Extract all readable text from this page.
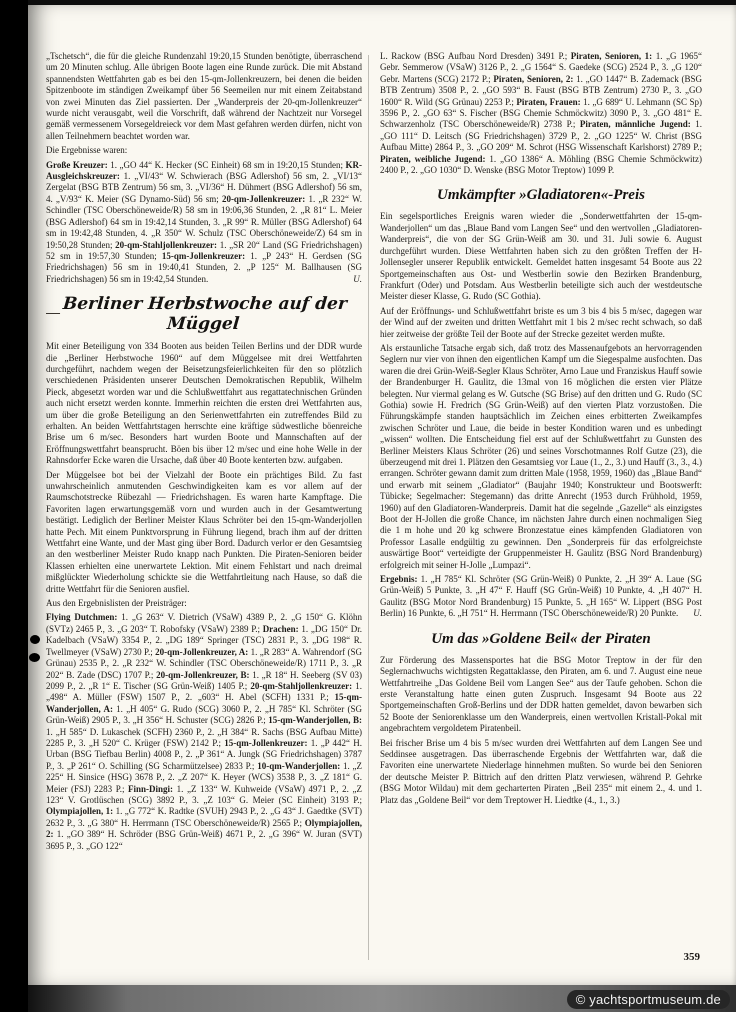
„Tschetsch“, die für die gleiche Rundenzahl 19:20,15 Stunden benötigte, überraschend um 20 Minuten schlug. Alle übrigen Boote lagen eine Runde zurück. Die mit Abstand spannendsten Wettfahrten gab es bei den 15-qm-Jollenkreuzern, bei denen die beiden Spitzenboote im ständigen Zweikampf über 56 Seemeilen nur mit einem Zeitabstand von zwei Minuten das Ziel passierten. Der „Wanderpreis der 20-qm-Jollenkreuzer“ wurde nicht verausgabt, weil die Vorschrift, daß während der Nachtzeit nur Vorsegel gemäß vermessenem Vorsegeldreieck vor dem Mast gefahren werden dürfen, nicht von allen Teilnehmern beachtet worden war.

Die Ergebnisse waren:

Große Kreuzer: 1. „GO 44“ K. Hecker (SC Einheit) 68 sm in 19:20,15 Stunden; KR-Ausgleichskreuzer: 1. „VI/43“ W. Schwierach (BSG Adlershof) 56 sm, 2. „VI/13“ Zergelat (BSG BTB Zentrum) 56 sm, 3. „VI/36“ H. Dühmert (BSG Adlershof) 56 sm, 4. „V/93“ K. Meier (SG Dynamo-Süd) 56 sm; 20-qm-Jollenkreuzer: 1. „R 232“ W. Schindler (TSC Oberschöneweide/R) 58 sm in 19:06,36 Stunden, 2. „R 81“ L. Meier (BSG Adlershof) 64 sm in 19:42,14 Stunden, 3. „R 99“ R. Müller (BSG Adlershof) 64 sm in 19:42,48 Stunden, 4. „R 350“ W. Schulz (TSC Oberschöneweide/Z) 64 sm in 19:50,28 Stunden; 20-qm-Stahljollenkreuzer: 1. „SR 20“ Land (SG Friedrichshagen) 52 sm in 19:57,30 Stunden; 15-qm-Jollenkreuzer: 1. „P 243“ H. Gerdsen (SG Friedrichshagen) 56 sm in 19:40,41 Stunden, 2. „P 125“ M. Ballhausen (SG Friedrichshagen) 56 sm in 19:42,54 Stunden.	U.

Berliner Herbstwoche auf der Müggel

Mit einer Beteiligung von 334 Booten aus beiden Teilen Berlins und der DDR wurde die „Berliner Herbstwoche 1960“ auf dem Müggelsee mit drei Wettfahrten durchgeführt, nachdem wegen der Beisetzungsfeierlichkeiten für den so plötzlich verschiedenen Präsidenten unserer Deutschen Demokratischen Republik, Wilhelm Pieck, abgesetzt worden war und die Schlußwettfahrt aus regattatechnischen Gründen auch nicht ersetzt werden konnte. Immerhin reichten die ersten drei Wettfahrten aus, um über die große Beteiligung an den Serienwettfahrten ein zutreffendes Bild zu erhalten. An beiden Wettfahrtstagen herrschte eine kräftige südwestliche böenreiche Brise um 6 m/sec. Besonders hart wurden Boote und Mannschaften auf der Eröffnungswettfahrt beansprucht. Böen bis über 12 m/sec und eine hohe Welle in der Rahnsdorfer Ecke waren die Ursache, daß über 40 Boote kenterten bzw. aufgaben.

Der Müggelsee bot bei der Vielzahl der Boote ein prächtiges Bild. Zu fast unwahrscheinlich anmutenden Geschwindigkeiten kam es vor allem auf der Raumschotstrecke Rübezahl — Friedrichshagen. Es waren harte Kampftage. Die Favoriten lagen erwartungsgemäß vorn und wurden auch in der Gesamtwertung bestätigt. Lediglich der Berliner Meister Klaus Schröter bei den 15-qm-Wanderjollen hatte Pech. Mit einem Punktvorsprung in Führung liegend, brach ihm auf der dritten Wettfahrt eine Wante, und der Mast ging über Bord. Dadurch verlor er den Gesamtsieg an den westberliner Meister Rudo knapp nach Punkten. Die Piraten-Senioren beider Klassen erhielten eine unerwartete Lektion. Mit einem Fehlstart und nach dreimal mißglückter Wiederholung schickte sie die Wettfahrtleitung nach Hause, so daß die dritte Wettfahrt für die Senioren ausfiel.

Aus den Ergebnislisten der Preisträger:

Flying Dutchmen: 1. „G 263“ V. Dietrich (VSaW) 4389 P., 2. „G 150“ G. Klöhn (SVTz) 2465 P., 3. „G 203“ T. Robofsky (VSaW) 2389 P.; Drachen: 1. „DG 150“ Dr. Kadelbach (VSaW) 3354 P., 2. „DG 189“ Springer (TSC) 2831 P., 3. „DG 198“ R. Twellmeyer (VSaW) 2730 P.; 20-qm-Jollenkreuzer, A: 1. „R 283“ A. Wahrendorf (SG Grünau) 2535 P., 2. „R 232“ W. Schindler (TSC Oberschöneweide/R) 1711 P., 3. „R 202“ B. Zade (DSC) 1707 P.; 20-qm-Jollenkreuzer, B: 1. „R 18“ H. Seeberg (SV 03) 2099 P., 2. „R 1“ E. Tischer (SG Grün-Weiß) 1405 P.; 20-qm-Stahljollenkreuzer: 1. „498“ A. Müller (FSW) 1507 P., 2. „603“ H. Abel (SCFH) 1331 P.; 15-qm-Wanderjollen, A: 1. „H 405“ G. Rudo (SCG) 3060 P., 2. „H 785“ Kl. Schröter (SG Grün-Weiß) 2905 P., 3. „H 356“ H. Schuster (SCG) 2826 P.; 15-qm-Wanderjollen, B: 1. „H 585“ D. Lukaschek (SCFH) 2360 P., 2. „H 384“ R. Sachs (BSG Aufbau Mitte) 2285 P., 3. „H 520“ C. Krüger (FSW) 2142 P.; 15-qm-Jollenkreuzer: 1. „P 442“ H. Urban (BSG Tiefbau Berlin) 4008 P., 2. „P 361“ A. Jungk (SG Friedrichshagen) 3787 P., 3. „P 261“ O. Schilling (SG Scharmützelsee) 2833 P.; 10-qm-Wanderjollen: 1. „Z 225“ H. Sinsice (HSG) 3678 P., 2. „Z 207“ K. Heyer (WCS) 3538 P., 3. „Z 181“ G. Meier (FSJ) 2283 P.; Finn-Dingi: 1. „Z 133“ W. Kuhweide (VSaW) 4971 P., 2. „Z 123“ V. Grotlüschen (SCG) 3892 P., 3. „Z 103“ G. Meier (SC Einheit) 3193 P.; Olympiajollen, 1: 1. „G 772“ K. Radtke (SVUH) 2943 P., 2. „G 43“ J. Gaedtke (SVT) 2632 P., 3. „G 380“ H. Herrmann (TSC Oberschöneweide/R) 2565 P.; Olympiajollen, 2: 1. „GO 389“ H. Schröder (BSG Grün-Weiß) 4671 P., 2. „G 396“ W. Juran (SVT) 3695 P., 3. „GO 122“

L. Rackow (BSG Aufbau Nord Dresden) 3491 P.; Piraten, Senioren, 1: 1. „G 1965“ Gebr. Semmerow (VSaW) 3126 P., 2. „G 1564“ S. Gaedeke (SCG) 2524 P., 3. „G 120“ Gebr. Martens (SCG) 2172 P.; Piraten, Senioren, 2: 1. „GO 1447“ B. Zademack (BSG BTB Zentrum) 3508 P., 2. „GO 593“ B. Faust (BSG BTB Zentrum) 2730 P., 3. „GO 1600“ R. Wild (SG Grünau) 2253 P.; Piraten, Frauen: 1. „G 689“ U. Lehmann (SC Sp) 3596 P., 2. „GO 63“ S. Fischer (BSG Chemie Schmöckwitz) 3090 P., 3. „GO 481“ E. Schwarzenholz (TSC Oberschöneweide/R) 2738 P.; Piraten, männliche Jugend: 1. „GO 111“ D. Leitsch (SG Friedrichshagen) 3729 P., 2. „GO 1225“ W. Christ (BSG Aufbau Mitte) 2864 P., 3. „GO 209“ M. Schrot (HSG Wissenschaft Karlshorst) 2789 P.; Piraten, weibliche Jugend: 1. „GO 1386“ A. Möhling (BSG Chemie Schmöckwitz) 2400 P., 2. „GO 1030“ D. Wenske (BSG Motor Treptow) 1099 P.

Umkämpfter »Gladiatoren«-Preis

Ein segelsportliches Ereignis waren wieder die „Sonderwettfahrten der 15-qm-Wanderjollen“ um das „Blaue Band vom Langen See“ und den wertvollen „Gladiatoren-Wanderpreis“, die von der SG Grün-Weiß am 30. und 31. Juli sowie 6. August durchgeführt wurden. Diese Wettfahrten haben sich zu den größten Treffen der H-Jollensegler unserer Republik entwickelt. Gemeldet hatten insgesamt 54 Boote aus 22 Sportgemeinschaften aus Ost- und Westberlin sowie den Bezirken Brandenburg, Frankfurt (Oder) und Potsdam. Aus Westberlin beteiligte sich auch der westdeutsche Meister dieser Klasse, G. Rudo (SC Gothia).

Auf der Eröffnungs- und Schlußwettfahrt briste es um 3 bis 4 bis 5 m/sec, dagegen war der Wind auf der zweiten und dritten Wettfahrt mit 1 bis 2 m/sec recht schwach, so daß hier zeitweise der größte Teil der Boote auf der Strecke gezeitet werden mußte.

Als erstaunliche Tatsache ergab sich, daß trotz des Massenaufgebots an hervorragenden Seglern nur vier von ihnen den eigentlichen Kampf um die Siegespalme ausfochten. Das waren die drei Grün-Weiß-Segler Klaus Schröter, Arno Laue und Franziskus Hauff sowie der Brandenburger H. Gaulitz, die 13mal von 16 möglichen die ersten vier Plätze belegten. Nur viermal gelang es W. Gutsche (SG Brise) auf den dritten und G. Rudo (SC Gothia) sowie H. Fredrich (SG Grün-Weiß) auf den vierten Platz vorzustoßen. Die Führungskämpfe standen hauptsächlich im Zeichen eines erbitterten Zweikampfes zwischen Schröter und Laue, die beide in bester Kondition waren und es unbedingt „wissen“ wollten. Die Entscheidung fiel erst auf der Schlußwettfahrt zu Gunsten des Berliner Meisters Klaus Schröter (26) und seines Vorschotmannes Rolf Gutze (23), die überzeugend mit drei 1. Plätzen den Gesamtsieg vor Laue (1., 2., 3.) und Hauff (3., 3., 4.) errangen. Schröter gewann damit zum dritten Male (1958, 1959, 1960) das „Blaue Band“ und erwarb mit seinem „Gladiator“ (Baujahr 1940; Konstrukteur und Bootswerft: Tübicke; Segelmacher: Stegemann) das dritte Anrecht (1953 durch Frühhold, 1959, 1960) auf den Gladiatoren-Wanderpreis. Damit hat die segelnde „Gazelle“ als einzigstes Boot der H-Jollen die große Chance, im nächsten Jahre durch einen nochmaligen Sieg die 1 m hohe und 20 kg schwere Bronzestatue eines kämpfenden Gladiatoren von Professor Lasalle endgültig zu gewinnen. Den „Sonderpreis für das erfolgreichste auswärtige Boot“ verteidigte der Gruppenmeister H. Gaulitz (BSG Nord Brandenburg) erfolgreich mit seiner H-Jolle „Lumpazi“.

Ergebnis: 1. „H 785“ Kl. Schröter (SG Grün-Weiß) 0 Punkte, 2. „H 39“ A. Laue (SG Grün-Weiß) 5 Punkte, 3. „H 47“ F. Hauff (SG Grün-Weiß) 10 Punkte, 4. „H 407“ H. Gaulitz (BSG Motor Nord Brandenburg) 15 Punkte, 5. „H 165“ W. Lippert (BSG Post Berlin) 16 Punkte, 6. „H 751“ H. Herrmann (TSC Oberschöneweide/R) 20 Punkte.	U.

Um das »Goldene Beil« der Piraten

Zur Förderung des Massensportes hat die BSG Motor Treptow in der für den Seglernachwuchs wichtigsten Regattaklasse, den Piraten, am 6. und 7. August eine neue Wettfahrtreihe „Das Goldene Beil vom Langen See“ aus der Taufe gehoben. Schon die erste Veranstaltung hatte einen guten Zuspruch. Insgesamt 94 Boote aus 22 Sportgemeinschaften Groß-Berlins und der DDR hatten gemeldet, davon bewarben sich 52 Boote der Seniorenklasse um den Wanderpreis, einen wertvollen Kristall-Pokal mit angebrachtem vergoldetem Piratenbeil.

Bei frischer Brise um 4 bis 5 m/sec wurden drei Wettfahrten auf dem Langen See und Seddinsee ausgetragen. Das überraschende Ergebnis der Wettfahrten war, daß die Favoriten eine unerwartete Niederlage hinnehmen mußten. So wurde bei den Senioren der deutsche Meister P. Bittrich auf den dritten Platz verwiesen, während P. Gehrke (BSG Motor Wildau) mit dem gecharterten Piraten „Beil 235“ mit einem 2., 4. und 1. Platz das „Goldene Beil“ vor dem Treptower H. Liedtke (4., 1., 3.)

359
© yachtsportmuseum.de
